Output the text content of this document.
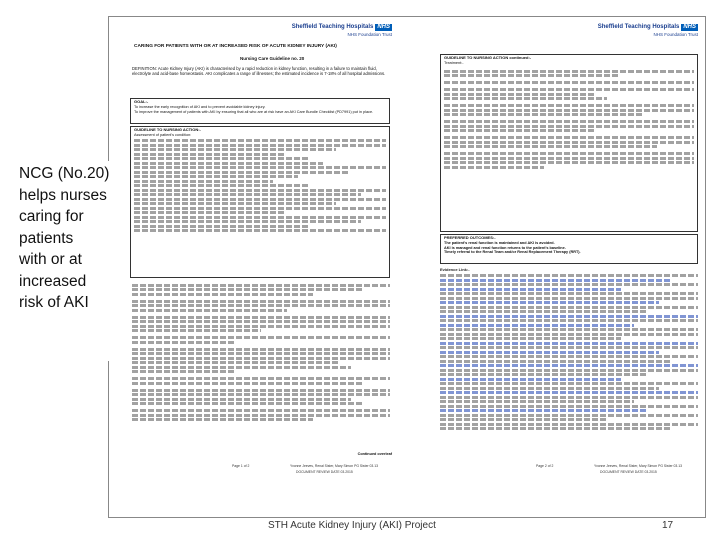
Sheffield Teaching Hospitals NHS
NHS Foundation Trust
CARING FOR PATIENTS WITH OR AT INCREASED RISK OF ACUTE KIDNEY INJURY (AKI)
Nursing Care Guideline no. 20
DEFINITION: Acute Kidney Injury (AKI) is characterised by a rapid reduction in kidney function, resulting in a failure to maintain fluid, electrolyte and acid-base homeostasis. AKI complicates a range of illnesses; the estimated incidence is 7-18% of all hospital admissions.
GOAL:-
To increase the early recognition of AKI and to prevent avoidable kidney injury.
To improve the management of patients with AKI by ensuring that all who are at risk have an AKI Care Bundle Checklist (PD7991) put in place.
GUIDELINE TO NURSING ACTION:-
Assessment of patient's condition:
Continued overleaf
Page 1 of 2	Yvonne Jeeves, Renal Sister, Mary Simon PG Sister 03.13
DOCUMENT REVIEW DATE 03.2015
Sheffield Teaching Hospitals NHS
NHS Foundation Trust
GUIDELINE TO NURSING ACTION continued:-
Treatment:-
PREFERRED OUTCOMES:-
The patient's renal function is maintained and AKI is avoided.
AKI is managed and renal function returns to the patient's baseline.
Timely referral to the Renal Team and/or Renal Replacement Therapy (RRT).
Evidence Link:-
Page 2 of 2	Yvonne Jeeves, Renal Sister, Mary Simon PG Sister 03.13
DOCUMENT REVIEW DATE 03.2015
NCG (No.20)
helps nurses
caring for
patients
with or at
increased
risk of AKI
STH Acute Kidney Injury (AKI) Project	17
